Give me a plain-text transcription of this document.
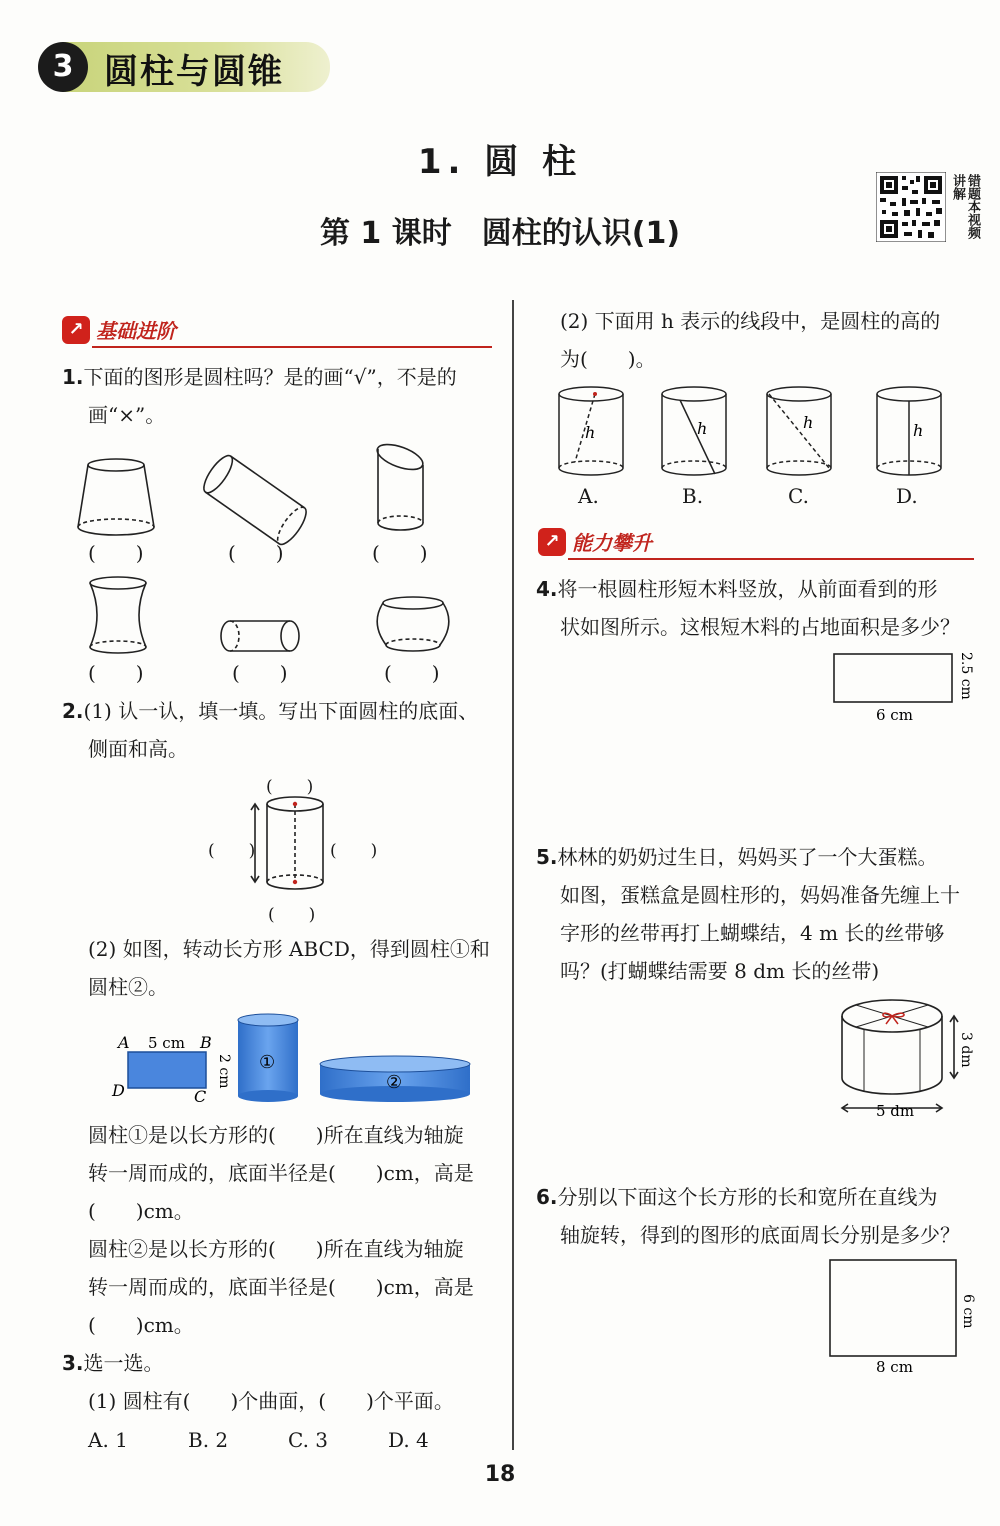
3 圆柱与圆锥
1. 圆 柱
第 1 课时　圆柱的认识(1)	错题本视频讲解
↗ 基础进阶
1.下面的图形是圆柱吗？是的画“√”，不是的
画“×”。
(　　)	(　　)	(　　)
(　　)	(　　)	(　　)
2.(1) 认一认，填一填。写出下面圆柱的底面、
侧面和高。
(　　)
(　　)	(　　)
(　　)
(2) 如图，转动长方形 ABCD，得到圆柱①和
圆柱②。
A	B
D	C
5 cm
2 cm ①
②
圆柱①是以长方形的(　　)所在直线为轴旋
转一周而成的，底面半径是(　　)cm，高是
(　　)cm。
圆柱②是以长方形的(　　)所在直线为轴旋
转一周而成的，底面半径是(　　)cm，高是
(　　)cm。
3.选一选。
(1) 圆柱有(　　)个曲面，(　　)个平面。
A. 1	B. 2	C. 3	D. 4
(2) 下面用 h 表示的线段中，是圆柱的高的
为(　　)。
h	h	h	h
A.	B.	C.	D.
↗ 能力攀升
4.将一根圆柱形短木料竖放，从前面看到的形
状如图所示。这根短木料的占地面积是多少？
6 cm
2.5 cm
5.林林的奶奶过生日，妈妈买了一个大蛋糕。
如图，蛋糕盒是圆柱形的，妈妈准备先缠上十
字形的丝带再打上蝴蝶结，4 m 长的丝带够
吗？(打蝴蝶结需要 8 dm 长的丝带)
3 dm
5 dm
6.分别以下面这个长方形的长和宽所在直线为
轴旋转，得到的图形的底面周长分别是多少？
8 cm
6 cm
18
